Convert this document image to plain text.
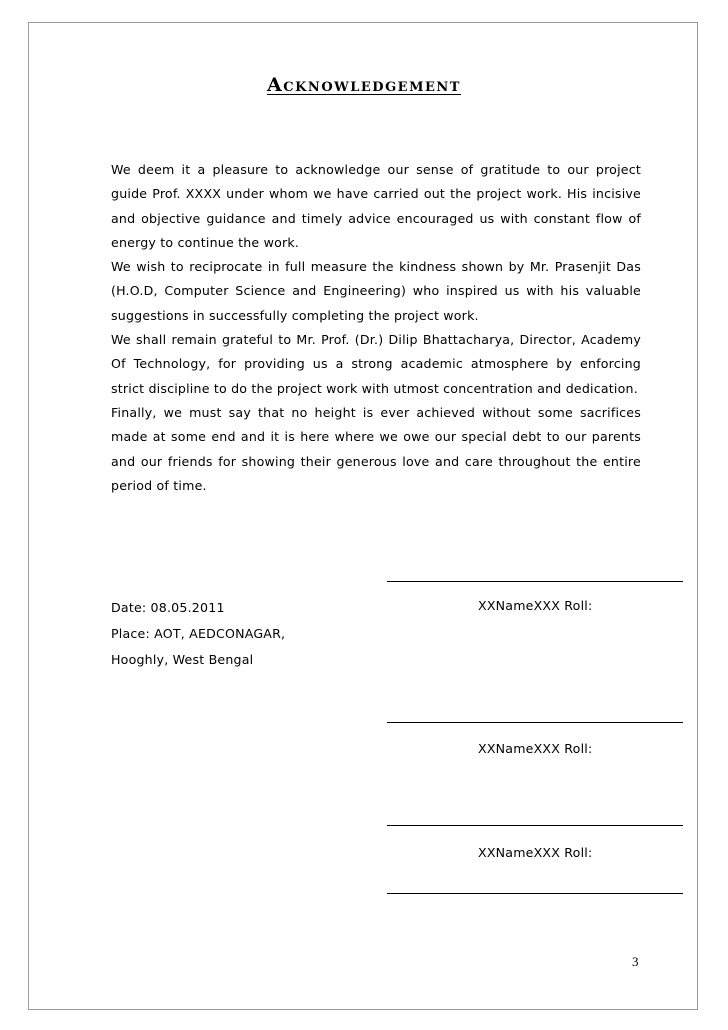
Acknowledgement

We deem it a pleasure to acknowledge our sense of gratitude to our project guide Prof. XXXX under whom we have carried out the project work. His incisive and objective guidance and timely advice encouraged us with constant flow of energy to continue the work.

We wish to reciprocate in full measure the kindness shown by Mr. Prasenjit Das (H.O.D, Computer Science and Engineering) who inspired us with his valuable suggestions in successfully completing the project work.

We shall remain grateful to Mr. Prof. (Dr.) Dilip Bhattacharya, Director, Academy Of Technology, for providing us a strong academic atmosphere by enforcing strict discipline to do the project work with utmost concentration and dedication.

Finally, we must say that no height is ever achieved without some sacrifices made at some end and it is here where we owe our special debt to our parents and our friends for showing their generous love and care throughout the entire period of time.

XXNameXXX Roll:
Date: 08.05.2011
Place: AOT, AEDCONAGAR,
Hooghly, West Bengal
XXNameXXX Roll:
XXNameXXX Roll:
3
